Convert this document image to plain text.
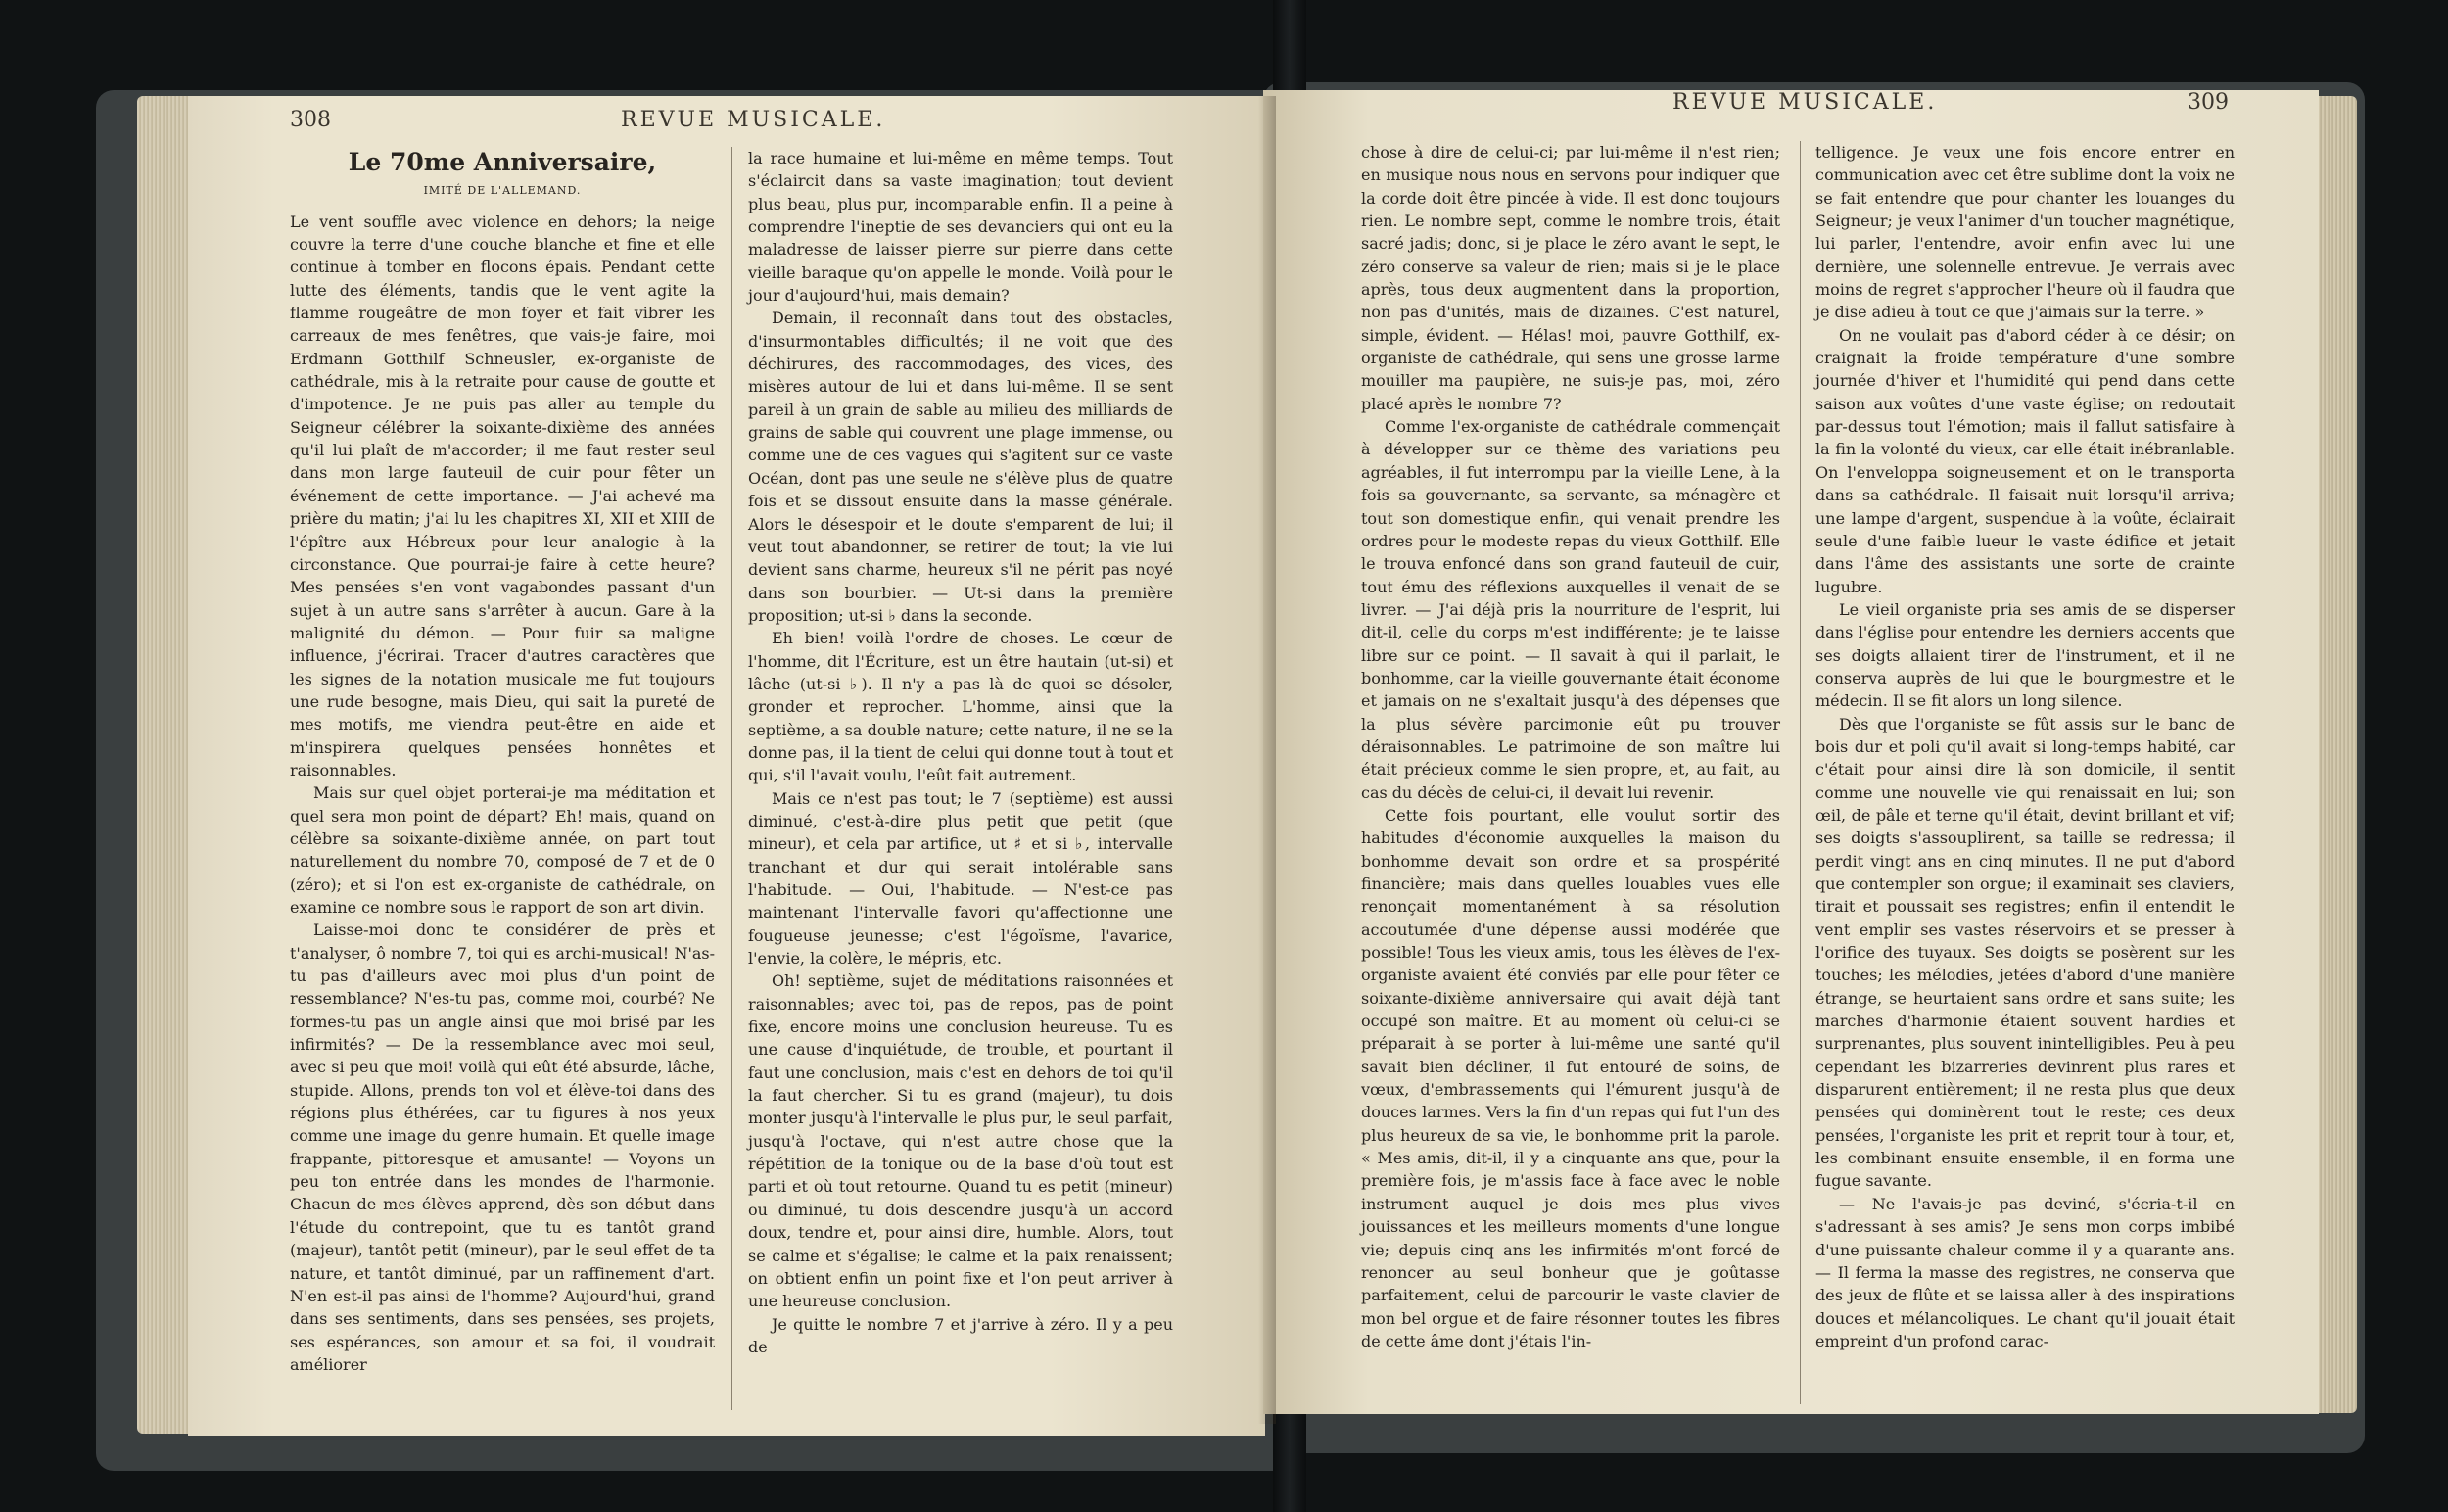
308	REVUE MUSICALE.
Le 70me Anniversaire,
IMITÉ DE L'ALLEMAND.

Le vent souffle avec violence en dehors; la neige couvre la terre d'une couche blanche et fine et elle continue à tomber en flocons épais. Pendant cette lutte des éléments, tandis que le vent agite la flamme rougeâtre de mon foyer et fait vibrer les carreaux de mes fenêtres, que vais-je faire, moi Erdmann Gotthilf Schneusler, ex-organiste de cathédrale, mis à la retraite pour cause de goutte et d'impotence. Je ne puis pas aller au temple du Seigneur célébrer la soixante-dixième des années qu'il lui plaît de m'accorder; il me faut rester seul dans mon large fauteuil de cuir pour fêter un événement de cette importance. — J'ai achevé ma prière du matin; j'ai lu les chapitres XI, XII et XIII de l'épître aux Hébreux pour leur analogie à la circonstance. Que pourrai-je faire à cette heure? Mes pensées s'en vont vagabondes passant d'un sujet à un autre sans s'arrêter à aucun. Gare à la malignité du démon. — Pour fuir sa maligne influence, j'écrirai. Tracer d'autres caractères que les signes de la notation musicale me fut toujours une rude besogne, mais Dieu, qui sait la pureté de mes motifs, me viendra peut-être en aide et m'inspirera quelques pensées honnêtes et raisonnables.

Mais sur quel objet porterai-je ma méditation et quel sera mon point de départ? Eh! mais, quand on célèbre sa soixante-dixième année, on part tout naturellement du nombre 70, composé de 7 et de 0 (zéro); et si l'on est ex-organiste de cathédrale, on examine ce nombre sous le rapport de son art divin.

Laisse-moi donc te considérer de près et t'analyser, ô nombre 7, toi qui es archi-musical! N'as-tu pas d'ailleurs avec moi plus d'un point de ressemblance? N'es-tu pas, comme moi, courbé? Ne formes-tu pas un angle ainsi que moi brisé par les infirmités? — De la ressemblance avec moi seul, avec si peu que moi! voilà qui eût été absurde, lâche, stupide. Allons, prends ton vol et élève-toi dans des régions plus éthérées, car tu figures à nos yeux comme une image du genre humain. Et quelle image frappante, pittoresque et amusante! — Voyons un peu ton entrée dans les mondes de l'harmonie. Chacun de mes élèves apprend, dès son début dans l'étude du contrepoint, que tu es tantôt grand (majeur), tantôt petit (mineur), par le seul effet de ta nature, et tantôt diminué, par un raffinement d'art. N'en est-il pas ainsi de l'homme? Aujourd'hui, grand dans ses sentiments, dans ses pensées, ses projets, ses espérances, son amour et sa foi, il voudrait améliorer

la race humaine et lui-même en même temps. Tout s'éclaircit dans sa vaste imagination; tout devient plus beau, plus pur, incomparable enfin. Il a peine à comprendre l'ineptie de ses devanciers qui ont eu la maladresse de laisser pierre sur pierre dans cette vieille baraque qu'on appelle le monde. Voilà pour le jour d'aujourd'hui, mais demain?

Demain, il reconnaît dans tout des obstacles, d'insurmontables difficultés; il ne voit que des déchirures, des raccommodages, des vices, des misères autour de lui et dans lui-même. Il se sent pareil à un grain de sable au milieu des milliards de grains de sable qui couvrent une plage immense, ou comme une de ces vagues qui s'agitent sur ce vaste Océan, dont pas une seule ne s'élève plus de quatre fois et se dissout ensuite dans la masse générale. Alors le désespoir et le doute s'emparent de lui; il veut tout abandonner, se retirer de tout; la vie lui devient sans charme, heureux s'il ne périt pas noyé dans son bourbier. — Ut-si dans la première proposition; ut-si ♭ dans la seconde.

Eh bien! voilà l'ordre de choses. Le cœur de l'homme, dit l'Écriture, est un être hautain (ut-si) et lâche (ut-si ♭). Il n'y a pas là de quoi se désoler, gronder et reprocher. L'homme, ainsi que la septième, a sa double nature; cette nature, il ne se la donne pas, il la tient de celui qui donne tout à tout et qui, s'il l'avait voulu, l'eût fait autrement.

Mais ce n'est pas tout; le 7 (septième) est aussi diminué, c'est-à-dire plus petit que petit (que mineur), et cela par artifice, ut ♯ et si ♭, intervalle tranchant et dur qui serait intolérable sans l'habitude. — Oui, l'habitude. — N'est-ce pas maintenant l'intervalle favori qu'affectionne une fougueuse jeunesse; c'est l'égoïsme, l'avarice, l'envie, la colère, le mépris, etc.

Oh! septième, sujet de méditations raisonnées et raisonnables; avec toi, pas de repos, pas de point fixe, encore moins une conclusion heureuse. Tu es une cause d'inquiétude, de trouble, et pourtant il faut une conclusion, mais c'est en dehors de toi qu'il la faut chercher. Si tu es grand (majeur), tu dois monter jusqu'à l'intervalle le plus pur, le seul parfait, jusqu'à l'octave, qui n'est autre chose que la répétition de la tonique ou de la base d'où tout est parti et où tout retourne. Quand tu es petit (mineur) ou diminué, tu dois descendre jusqu'à un accord doux, tendre et, pour ainsi dire, humble. Alors, tout se calme et s'égalise; le calme et la paix renaissent; on obtient enfin un point fixe et l'on peut arriver à une heureuse conclusion.

Je quitte le nombre 7 et j'arrive à zéro. Il y a peu de

REVUE MUSICALE.	309

chose à dire de celui-ci; par lui-même il n'est rien; en musique nous nous en servons pour indiquer que la corde doit être pincée à vide. Il est donc toujours rien. Le nombre sept, comme le nombre trois, était sacré jadis; donc, si je place le zéro avant le sept, le zéro conserve sa valeur de rien; mais si je le place après, tous deux augmentent dans la proportion, non pas d'unités, mais de dizaines. C'est naturel, simple, évident. — Hélas! moi, pauvre Gotthilf, ex-organiste de cathédrale, qui sens une grosse larme mouiller ma paupière, ne suis-je pas, moi, zéro placé après le nombre 7?

Comme l'ex-organiste de cathédrale commençait à développer sur ce thème des variations peu agréables, il fut interrompu par la vieille Lene, à la fois sa gouvernante, sa servante, sa ménagère et tout son domestique enfin, qui venait prendre les ordres pour le modeste repas du vieux Gotthilf. Elle le trouva enfoncé dans son grand fauteuil de cuir, tout ému des réflexions auxquelles il venait de se livrer. — J'ai déjà pris la nourriture de l'esprit, lui dit-il, celle du corps m'est indifférente; je te laisse libre sur ce point. — Il savait à qui il parlait, le bonhomme, car la vieille gouvernante était économe et jamais on ne s'exaltait jusqu'à des dépenses que la plus sévère parcimonie eût pu trouver déraisonnables. Le patrimoine de son maître lui était précieux comme le sien propre, et, au fait, au cas du décès de celui-ci, il devait lui revenir.

Cette fois pourtant, elle voulut sortir des habitudes d'économie auxquelles la maison du bonhomme devait son ordre et sa prospérité financière; mais dans quelles louables vues elle renonçait momentanément à sa résolution accoutumée d'une dépense aussi modérée que possible! Tous les vieux amis, tous les élèves de l'ex-organiste avaient été conviés par elle pour fêter ce soixante-dixième anniversaire qui avait déjà tant occupé son maître. Et au moment où celui-ci se préparait à se porter à lui-même une santé qu'il savait bien décliner, il fut entouré de soins, de vœux, d'embrassements qui l'émurent jusqu'à de douces larmes. Vers la fin d'un repas qui fut l'un des plus heureux de sa vie, le bonhomme prit la parole. « Mes amis, dit-il, il y a cinquante ans que, pour la première fois, je m'assis face à face avec le noble instrument auquel je dois mes plus vives jouissances et les meilleurs moments d'une longue vie; depuis cinq ans les infirmités m'ont forcé de renoncer au seul bonheur que je goûtasse parfaitement, celui de parcourir le vaste clavier de mon bel orgue et de faire résonner toutes les fibres de cette âme dont j'étais l'in-

telligence. Je veux une fois encore entrer en communication avec cet être sublime dont la voix ne se fait entendre que pour chanter les louanges du Seigneur; je veux l'animer d'un toucher magnétique, lui parler, l'entendre, avoir enfin avec lui une dernière, une solennelle entrevue. Je verrais avec moins de regret s'approcher l'heure où il faudra que je dise adieu à tout ce que j'aimais sur la terre. »

On ne voulait pas d'abord céder à ce désir; on craignait la froide température d'une sombre journée d'hiver et l'humidité qui pend dans cette saison aux voûtes d'une vaste église; on redoutait par-dessus tout l'émotion; mais il fallut satisfaire à la fin la volonté du vieux, car elle était inébranlable. On l'enveloppa soigneusement et on le transporta dans sa cathédrale. Il faisait nuit lorsqu'il arriva; une lampe d'argent, suspendue à la voûte, éclairait seule d'une faible lueur le vaste édifice et jetait dans l'âme des assistants une sorte de crainte lugubre.

Le vieil organiste pria ses amis de se disperser dans l'église pour entendre les derniers accents que ses doigts allaient tirer de l'instrument, et il ne conserva auprès de lui que le bourgmestre et le médecin. Il se fit alors un long silence.

Dès que l'organiste se fût assis sur le banc de bois dur et poli qu'il avait si long-temps habité, car c'était pour ainsi dire là son domicile, il sentit comme une nouvelle vie qui renaissait en lui; son œil, de pâle et terne qu'il était, devint brillant et vif; ses doigts s'assouplirent, sa taille se redressa; il perdit vingt ans en cinq minutes. Il ne put d'abord que contempler son orgue; il examinait ses claviers, tirait et poussait ses registres; enfin il entendit le vent emplir ses vastes réservoirs et se presser à l'orifice des tuyaux. Ses doigts se posèrent sur les touches; les mélodies, jetées d'abord d'une manière étrange, se heurtaient sans ordre et sans suite; les marches d'harmonie étaient souvent hardies et surprenantes, plus souvent inintelligibles. Peu à peu cependant les bizarreries devinrent plus rares et disparurent entièrement; il ne resta plus que deux pensées qui dominèrent tout le reste; ces deux pensées, l'organiste les prit et reprit tour à tour, et, les combinant ensuite ensemble, il en forma une fugue savante.

— Ne l'avais-je pas deviné, s'écria-t-il en s'adressant à ses amis? Je sens mon corps imbibé d'une puissante chaleur comme il y a quarante ans. — Il ferma la masse des registres, ne conserva que des jeux de flûte et se laissa aller à des inspirations douces et mélancoliques. Le chant qu'il jouait était empreint d'un profond carac-
